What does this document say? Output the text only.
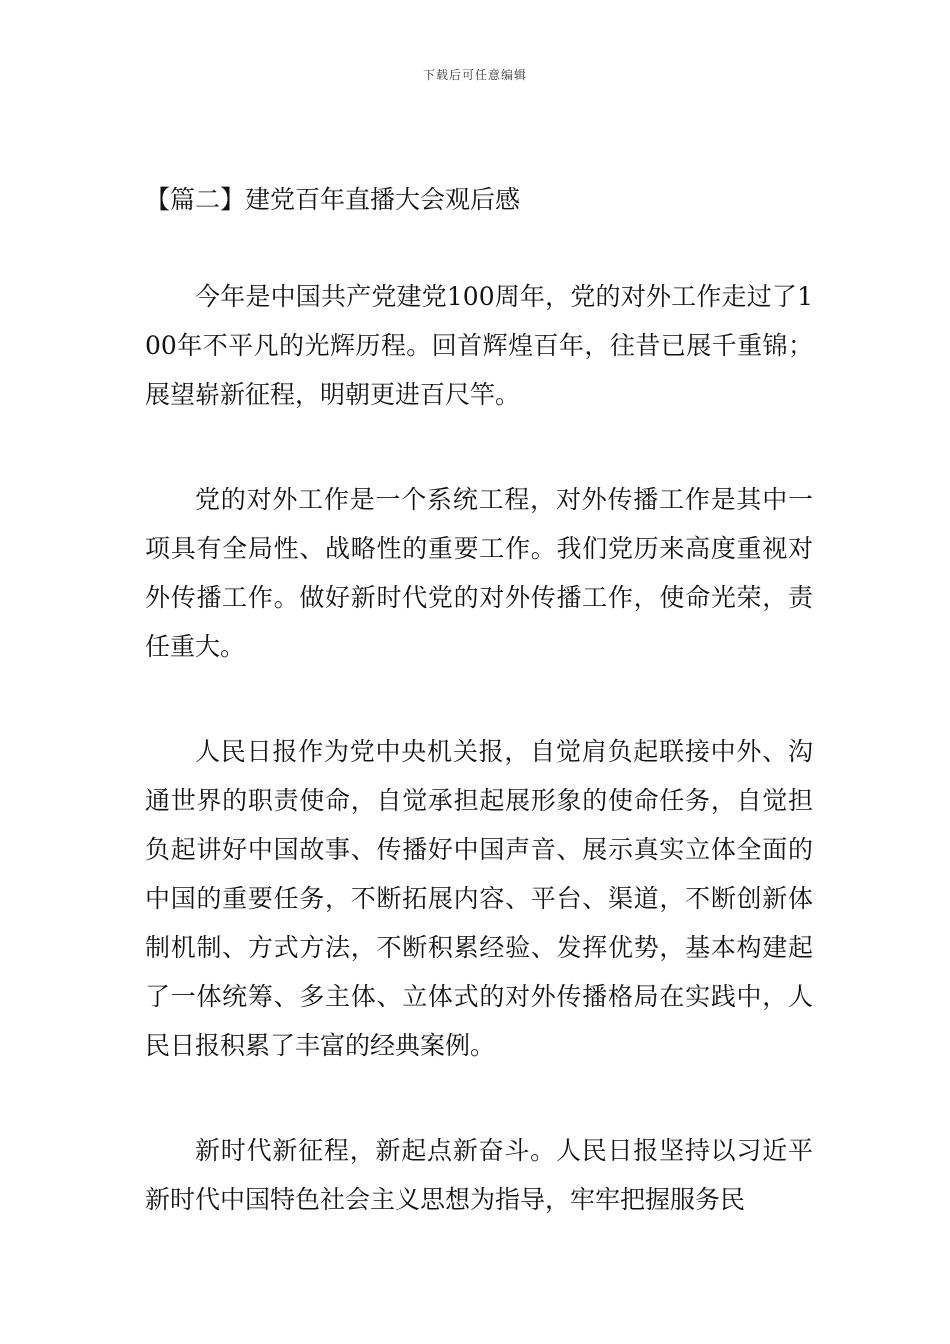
下载后可任意编辑
【篇二】建党百年直播大会观后感

今年是中国共产党建党100周年，党的对外工作走过了100年不平凡的光辉历程。回首辉煌百年，往昔已展千重锦；展望崭新征程，明朝更进百尺竿。

党的对外工作是一个系统工程，对外传播工作是其中一项具有全局性、战略性的重要工作。我们党历来高度重视对外传播工作。做好新时代党的对外传播工作，使命光荣，责任重大。

人民日报作为党中央机关报，自觉肩负起联接中外、沟通世界的职责使命，自觉承担起展形象的使命任务，自觉担负起讲好中国故事、传播好中国声音、展示真实立体全面的中国的重要任务，不断拓展内容、平台、渠道，不断创新体制机制、方式方法，不断积累经验、发挥优势，基本构建起了一体统筹、多主体、立体式的对外传播格局在实践中，人民日报积累了丰富的经典案例。

新时代新征程，新起点新奋斗。人民日报坚持以习近平新时代中国特色社会主义思想为指导，牢牢把握服务民
